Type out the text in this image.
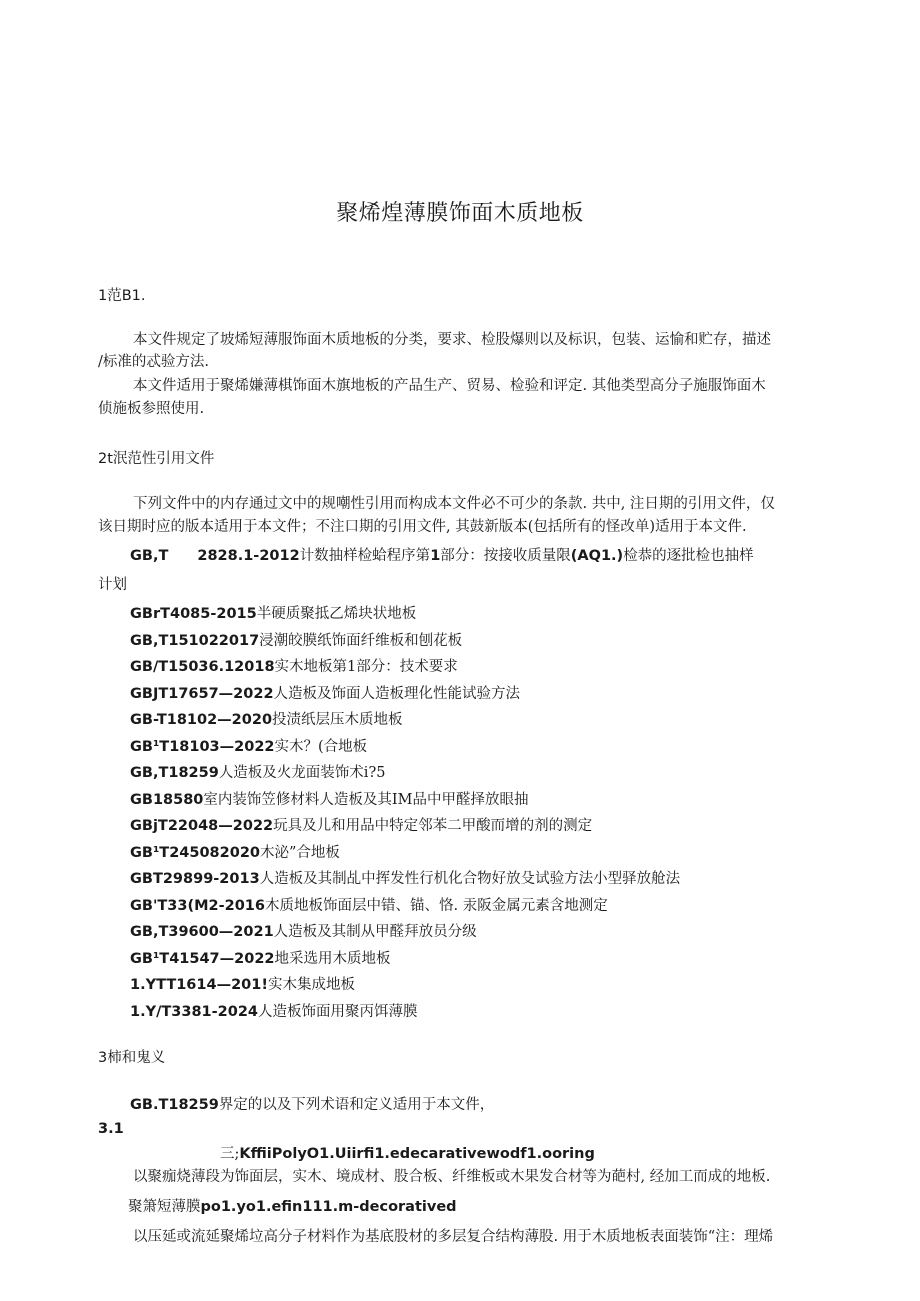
聚烯煌薄膜饰面木质地板
1范B1.
本文件规定了坡烯短薄服饰面木质地板的分类，要求、检股爆则以及标识，包装、运愉和贮存，描述
/标准的忒验方法.
本文件适用于聚烯嫌薄棋饰面木旗地板的产品生产、贸易、检验和评定. 其他类型高分子施服饰面木
侦施板参照使用.
2t泯范性引用文件
下列文件中的内存通过文中的规嘲性引用而构成本文件必不可少的条款. 共中, 注日期的引用文件，仅
该日期时应的版本适用于本文件；不注口期的引用文件, 其鼓新版本(包括所有的怪改单)适用于本文件.
GB,T　　2828.1-2012计数抽样检蛤程序第1部分：按接收质量限(AQ1.)检恭的逐批检也抽样
计划
GBrT4085-2015半硬质聚抵乙烯块状地板
GB,T151022017浸潮皎膜纸饰面纤维板和刨花板
GB/T15036.12018实木地板第1部分：技术要求
GBJT17657—2022人造板及饰面人造板理化性能试验方法
GB-T18102—2020投渍纸层压木质地板
GB¹T18103—2022实木？(合地板
GB,T18259人造板及火龙面装饰术i?5
GB18580室内装饰笠修材料人造板及其IM品中甲醛择放眼抽
GBjT22048—2022玩具及儿和用品中特定邻苯二甲酸而增的剂的测定
GB¹T245082020木泌”合地板
GBT29899-2013人造板及其制乩中挥发性行机化合物好放殳试验方法小型驿放舱法
GB'T33(M2-2016木质地板饰面层中错、锚、恪. 汞阪金属元素含地测定
GB,T39600—2021人造板及其制从甲醛拜放员分级
GB¹T41547—2022地采选用木质地板
1.YTT1614—201!实木集成地板
1.Y/T3381-2024人造板饰面用聚丙饵薄膜
3柿和鬼义
GB.T18259界定的以及下列术语和定义适用于本文件，
3.1
三;KffiiPolyO1.Uiirfi1.edecarativewodf1.ooring
以聚痂烧薄段为饰面层，实木、境成材、股合板、纤维板或木果发合材等为葩村, 经加工而成的地板.
聚箫短薄膜po1.yo1.efin111.m-decoratived
以压延或流延聚烯垃高分子材料作为基底股材的多层复合结构薄股. 用于木质地板表面装饰“注：理烯
